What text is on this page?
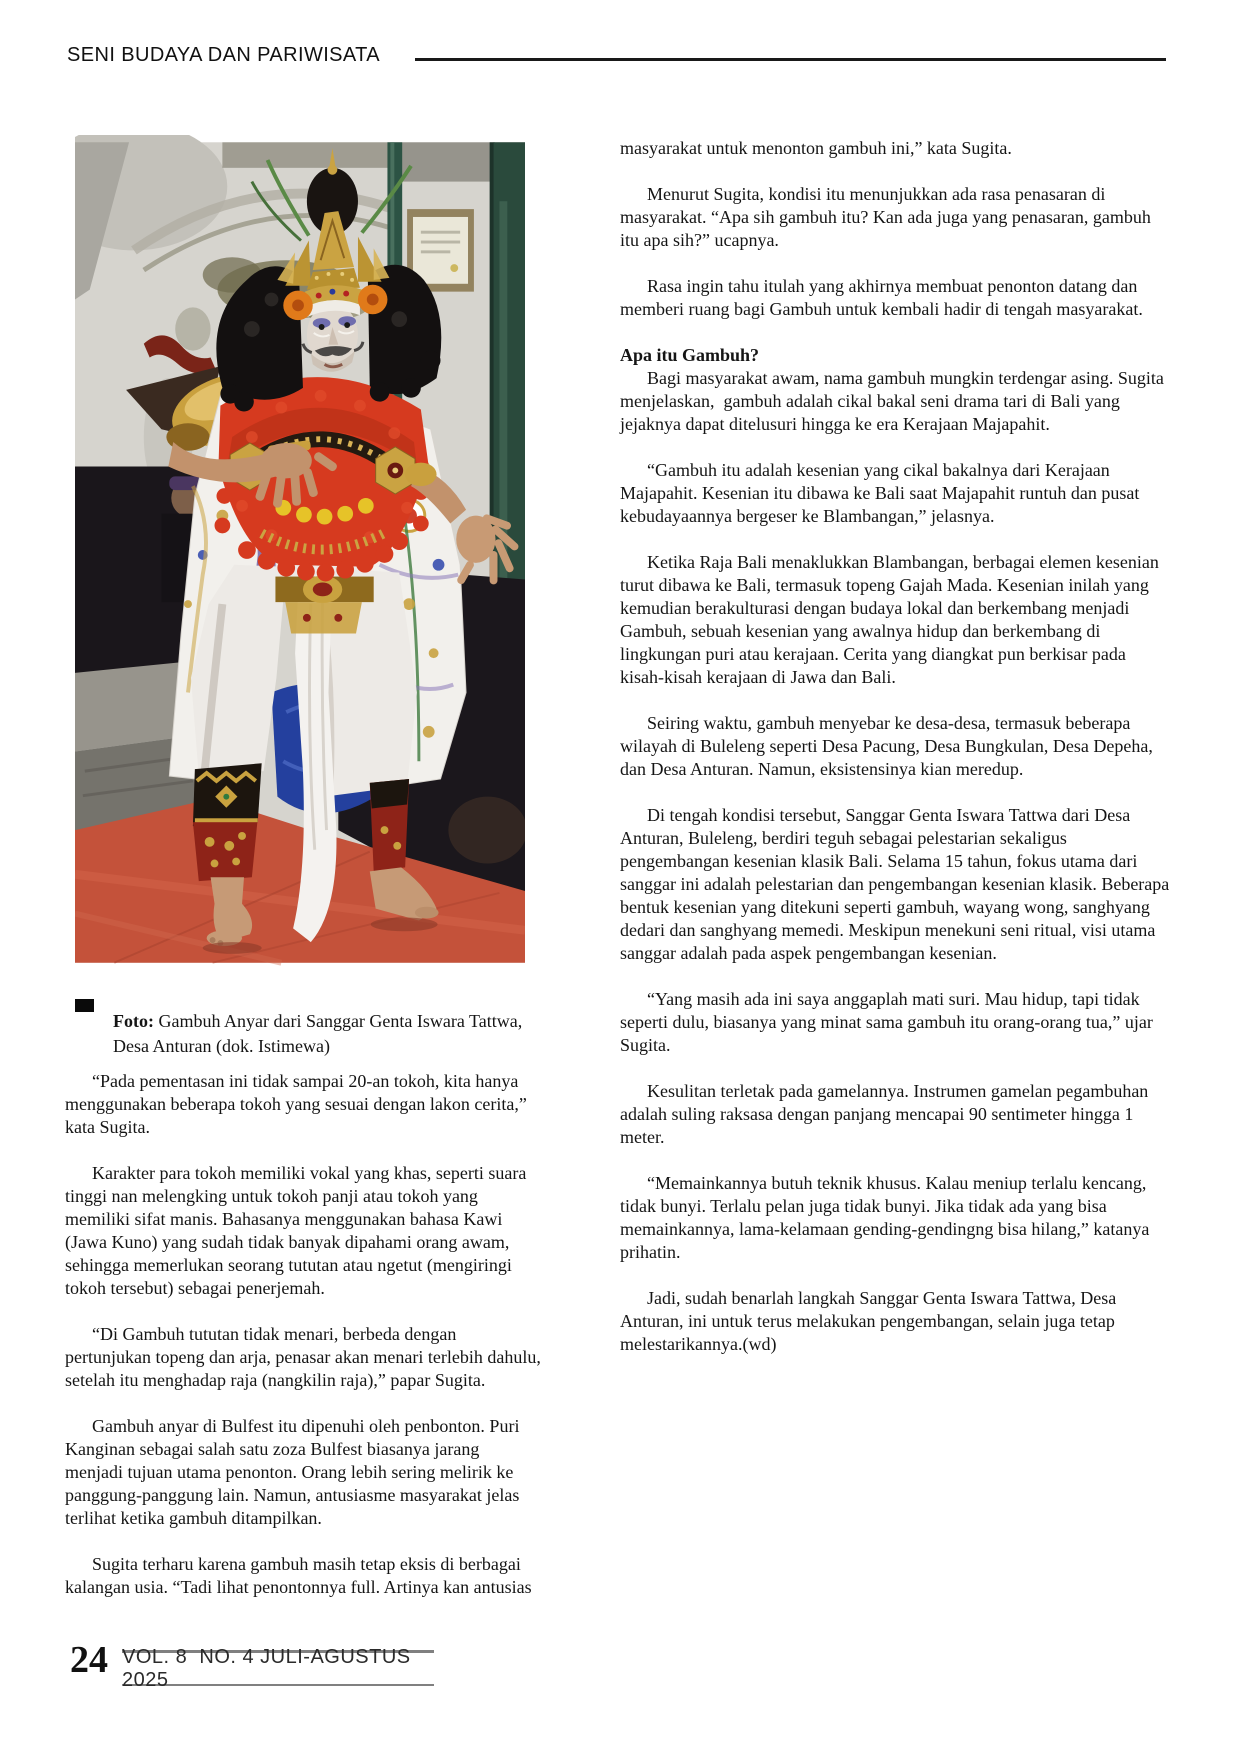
SENI BUDAYA DAN PARIWISATA

Foto: Gambuh Anyar dari Sanggar Genta Iswara Tattwa, Desa Anturan (dok. Istimewa)

“Pada pementasan ini tidak sampai 20-an tokoh, kita hanya menggunakan beberapa tokoh yang sesuai dengan lakon cerita,” kata Sugita.

Karakter para tokoh memiliki vokal yang khas, seperti suara tinggi nan melengking untuk tokoh panji atau tokoh yang memiliki sifat manis. Bahasanya menggunakan bahasa Kawi (Jawa Kuno) yang sudah tidak banyak dipahami orang awam, sehingga memerlukan seorang tututan atau ngetut (mengiringi tokoh tersebut) sebagai penerjemah.

“Di Gambuh tututan tidak menari, berbeda dengan pertunjukan topeng dan arja, penasar akan menari terlebih dahulu, setelah itu menghadap raja (nangkilin raja),” papar Sugita.

Gambuh anyar di Bulfest itu dipenuhi oleh penbonton. Puri Kanginan sebagai salah satu zoza Bulfest biasanya jarang menjadi tujuan utama penonton. Orang lebih sering melirik ke panggung-panggung lain. Namun, antusiasme masyarakat jelas terlihat ketika gambuh ditampilkan.

Sugita terharu karena gambuh masih tetap eksis di berbagai kalangan usia. “Tadi lihat penontonnya full. Artinya kan antusias

masyarakat untuk menonton gambuh ini,” kata Sugita.

Menurut Sugita, kondisi itu menunjukkan ada rasa penasaran di masyarakat. “Apa sih gambuh itu? Kan ada juga yang penasaran, gambuh itu apa sih?” ucapnya.

Rasa ingin tahu itulah yang akhirnya membuat penonton datang dan memberi ruang bagi Gambuh untuk kembali hadir di tengah masyarakat.

Apa itu Gambuh?

Bagi masyarakat awam, nama gambuh mungkin terdengar asing. Sugita menjelaskan,  gambuh adalah cikal bakal seni drama tari di Bali yang jejaknya dapat ditelusuri hingga ke era Kerajaan Majapahit.

“Gambuh itu adalah kesenian yang cikal bakalnya dari Kerajaan Majapahit. Kesenian itu dibawa ke Bali saat Majapahit runtuh dan pusat kebudayaannya bergeser ke Blambangan,” jelasnya.

Ketika Raja Bali menaklukkan Blambangan, berbagai elemen kesenian turut dibawa ke Bali, termasuk topeng Gajah Mada. Kesenian inilah yang kemudian berakulturasi dengan budaya lokal dan berkembang menjadi Gambuh, sebuah kesenian yang awalnya hidup dan berkembang di lingkungan puri atau kerajaan. Cerita yang diangkat pun berkisar pada kisah-kisah kerajaan di Jawa dan Bali.

Seiring waktu, gambuh menyebar ke desa-desa, termasuk beberapa wilayah di Buleleng seperti Desa Pacung, Desa Bungkulan, Desa Depeha, dan Desa Anturan. Namun, eksistensinya kian meredup.

Di tengah kondisi tersebut, Sanggar Genta Iswara Tattwa dari Desa Anturan, Buleleng, berdiri teguh sebagai pelestarian sekaligus pengembangan kesenian klasik Bali. Selama 15 tahun, fokus utama dari sanggar ini adalah pelestarian dan pengembangan kesenian klasik. Beberapa bentuk kesenian yang ditekuni seperti gambuh, wayang wong, sanghyang dedari dan sanghyang memedi. Meskipun menekuni seni ritual, visi utama sanggar adalah pada aspek pengembangan kesenian.

“Yang masih ada ini saya anggaplah mati suri. Mau hidup, tapi tidak seperti dulu, biasanya yang minat sama gambuh itu orang-orang tua,” ujar Sugita.

Kesulitan terletak pada gamelannya. Instrumen gamelan pegambuhan adalah suling raksasa dengan panjang mencapai 90 sentimeter hingga 1 meter.

“Memainkannya butuh teknik khusus. Kalau meniup terlalu kencang, tidak bunyi. Terlalu pelan juga tidak bunyi. Jika tidak ada yang bisa memainkannya, lama-kelamaan gending-gendingng bisa hilang,” katanya prihatin.

Jadi, sudah benarlah langkah Sanggar Genta Iswara Tattwa, Desa Anturan, ini untuk terus melakukan pengembangan, selain juga tetap melestarikannya.(wd)

24 VOL. 8  NO. 4 JULI-AGUSTUS 2025
